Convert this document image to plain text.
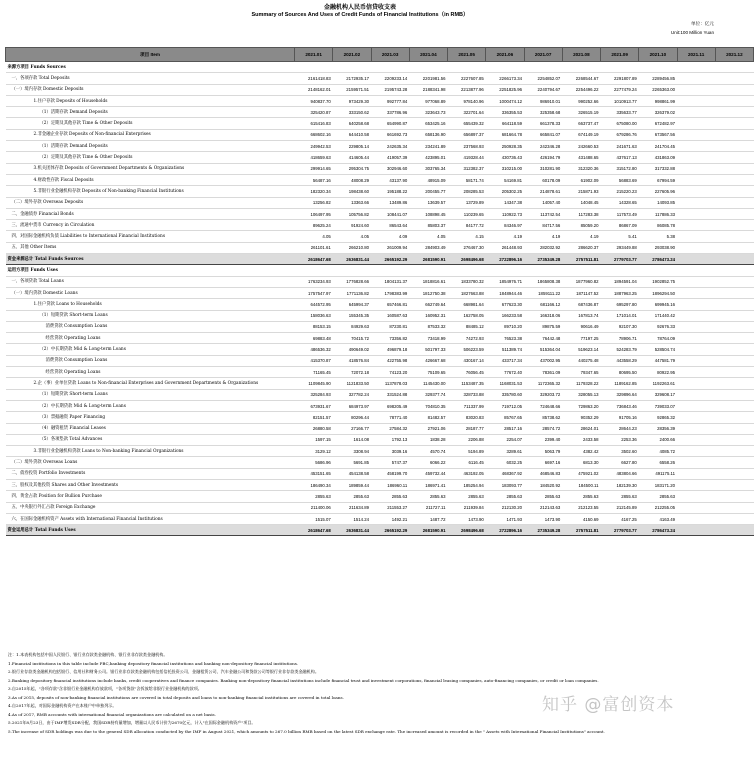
金融机构人民币信贷收支表
Summary of Sources And Uses of Credit Funds of Financial Institutions（in RMB）
单位：亿元
Unit:100 Million Yuan
项目 Item	2021.01	2021.02	2021.03	2021.04	2021.05	2021.06	2021.07	2021.08	2021.09	2021.10	2021.11	2021.12
来源方项目 Funds Sources												
一、各项存款 Total Deposits	2161418.83	2172935.17	2209233.14	2201981.56	2227607.85	2266173.34	2254852.07	2268544.67	2291807.89	2289456.85		
（一）境内存款 Domestic Deposits	2148162.01	2159571.51	2195743.28	2188341.98	2213877.96	2251825.96	2240794.67	2254496.22	2277479.24	2265363.00		
1.住户存款 Deposits of Households	940837.70	973429.30	992777.84	977068.89	978140.96	1000474.12	986910.01	990252.66	1010913.77	998861.99		
（1）活期存款 Demand Deposits	325420.87	333150.62	337786.96	323643.73	322701.64	336355.53	325358.68	326515.19	335633.77	326379.02		
（2）定期及其他存款 Time & Other Deposits	615416.83	640258.68	654990.87	653425.16	655439.32	664118.59	661378.33	663737.47	675080.00	672482.97		
2.非金融企业存款 Deposits of Non-financial Enterprises	668602.16	644410.58	661692.73	658136.90	656897.37	681664.78	665841.07	674149.19	679286.76	673567.56		
（1）活期存款 Demand Deposits	249942.53	229805.14	242635.34	234241.89	237568.93	250928.35	242346.28	242660.53	241671.63	241704.45		
（2）定期及其他存款 Time & Other Deposits	418659.63	414605.44	419057.39	423895.01	419328.44	430736.43	426194.79	431488.65	437617.13	431863.09		
3.机关团体存款 Deposits of Government Departments & Organizations	299914.65	295304.75	302946.60	303765.34	312382.37	310215.00	310281.90	312320.36	315172.80	317332.88		
4.财政性存款 Fiscal Deposits	56487.16	48008.29	43137.90	48915.09	58171.74	54169.81	60178.09	61902.09	56883.69	67994.59		
5.非银行业金融机构存款 Deposits of Non-banking Financial Institutions	182320.34	198438.60	195188.22	200455.77	208285.53	205302.25	214878.61	215871.93	215220.23	227605.96		
（二）境外存款 Overseas Deposits	13256.82	13363.66	13489.86	13639.57	13729.89	14347.38	14057.40	14048.45	14328.65	14093.85		
二、金融债券 Financial Bonds	106497.95	105756.82	108441.07	108898.45	110239.65	110922.73	113742.54	117283.38	117573.49	117886.33		
三、流通中货币 Currency in Circulation	89625.24	91924.60	86543.64	85803.37	84177.72	84346.97	84717.56	85059.20	86867.09	86085.78		
四、对国际金融机构负债 Liabilities to International Financial Institutions	4.05	4.05	4.09	4.05	4.15	4.19	4.19	4.19	5.41	5.38		
五、其他 Other Items	261101.61	266210.80	261009.94	284903.49	276467.30	261448.93	282032.92	286620.37	293449.88	293038.90		
资金来源总计 Total Funds Sources	2618647.68	2636831.44	2665192.29	2681590.91	2698496.68	2722896.16	2735349.28	2757511.81	2779703.77	2786473.24		
运用方项目 Funds Uses												
一、各项贷款 Total Loans	1763234.93	1776828.66	1804131.37	1818816.61	1833780.32	1854976.71	1865808.38	1877960.82	1894591.04	1902852.75		
（一）境内贷款 Domestic Loans	1757547.97	1771136.82	1798383.99	1812750.38	1827663.88	1848944.46	1859111.22	1871147.52	1887963.25	1896294.50		
1.住户贷款 Loans to Households	644572.95	645994.37	657466.81	662749.64	668981.64	677623.30	681166.12	687436.87	695297.80	699945.16		
（1）短期贷款 Short-term Loans	158036.63	155345.35	160587.63	160952.31	162758.05	166233.58	166318.06	167813.74	171014.01	171440.42		
消费贷款 Consumption Loans	88153.15	84929.63	87230.81	87533.32	88485.12	89710.20	89875.59	90616.49	92107.30	92676.33		
经营贷款 Operating Loans	69883.48	70415.72	73356.82	73418.99	74272.93	76523.38	76442.48	77197.25	78906.71	78764.09		
（2）中长期贷款 Mid & Long-term Loans	486536.32	490649.02	496879.18	501797.33	506223.59	511389.74	515364.04	519623.14	524283.79	528504.74		
消费贷款 Consumption Loans	415370.87	418576.84	422755.98	426667.68	430167.14	433717.34	437002.95	440275.48	443558.29	447581.79		
经营贷款 Operating Loans	71165.45	72072.18	74123.20	75109.65	76056.45	77672.40	78361.09	79347.65	80695.50	80922.95		
2.企（事）业单位贷款 Loans to Non-financial Enterprises and Government Departments & Organizations	1109845.90	1121833.50	1137878.03	1145430.00	1153487.35	1168031.53	1172365.32	1179328.22	1189162.85	1192263.61		
（1）短期贷款 Short-term Loans	325284.93	327782.24	331524.88	329377.74	328733.88	335780.60	329203.72	328055.13	329896.64	329608.17		
（2）中长期贷款 Mid & Long-term Loans	673931.67	684973.97	698205.49	704810.35	711337.99	719712.05	724648.66	729863.20	736843.46	739033.07		
（3）票据融资 Paper Financing	82151.57	80296.44	78771.40	81482.57	83020.83	85767.65	85738.62	90352.29	91705.16	92865.32		
（4）融资租赁 Financial Leases	26880.58	27166.77	27584.32	27921.06	28187.77	28517.16	28574.72	28624.01	28644.23	28356.39		
（5）各项垫款 Total Advances	1597.15	1614.08	1792.13	1838.28	2206.88	2254.07	2399.40	2433.58	2253.36	2400.66		
3.非银行业金融机构贷款 Loans to Non-banking Financial Organizations	3129.12	3308.94	3039.16	4570.74	5194.89	3289.61	5063.79	4382.42	3502.60	4085.72		
（二）境外贷款 Overseas Loans	5686.96	5691.85	5747.37	6066.22	6116.45	6032.25	6697.16	6813.30	6627.80	6558.26		
二、债券投资 Portfolio Investments	453151.65	454138.58	458199.70	459732.44	463192.05	468367.92	468546.83	475921.02	483804.66	491175.11		
三、股权及其他投资 Shares and Other Investments	186490.34	189859.44	186960.11	186971.41	185254.94	183093.77	184520.92	184500.11	182139.30	183171.20		
四、黄金占款 Position for Bullion Purchase	2855.63	2855.63	2855.63	2855.63	2855.63	2855.63	2855.63	2855.63	2855.63	2855.63		
五、中央银行外汇占款 Foreign Exchange	211400.06	211634.89	211553.27	211727.11	211939.84	212130.20	212143.63	212123.55	212145.89	212255.05		
六、在国际金融机构资产 Assets with International Financial Institutions	1515.07	1514.24	1492.21	1487.72	1473.90	1471.93	1473.90	4150.69	4167.25	4163.49		
资金运用总计 Total Funds Uses	2618647.68	2636831.44	2665192.29	2681590.91	2698496.68	2722896.16	2735349.28	2757511.81	2779703.77	2786473.24		
注：1.本表机构包括中国人民银行、银行业存款类金融机构、银行业非存款类金融机构。
1.Financial institutions in this table include PBC,banking depository financial institutions and banking non-depository financial institutions.
2.银行业存款类金融机构包括银行、信用社和财务公司。银行业非存款类金融机构包括信托投资公司、金融租赁公司、汽车金融公司和贷款公司等银行业非存款类金融机构。
2.Banking depository financial institutions include banks, credit cooperatives and finance companies. Banking non-depository financial institutions include financial trust and investment corporations, financial leasing companies, auto-financing companies, or credit or loan companies.
3.自2015年起，"各项存款"含非银行业金融机构存放款项，"各项贷款"含拆放给非银行业金融机构的款项。
3.As of 2015, deposits of non-banking financial institutions are covered in total deposits and loans to non-banking financial institutions are covered in total loans.
4.自2017年起，对国际金融机构资产在本账户中单独列示。
4.As of 2017, RMB accounts with international financial organizations are calculated on a net basis.
5.2021年8月23日，由于IMF增发SDR分配，我国SDR持有量增加，增量以人民币计价为2670亿元，计入"在国际金融机构资产"项目。
5.The increase of SDR holdings was due to the general SDR allocation conducted by the IMF in August 2021, which amounts to 267.0 billion RMB based on the latest SDR exchange rate. The increased amount is recorded in the " Assets with International Financial Institutions" account.
知乎 @富创资本
